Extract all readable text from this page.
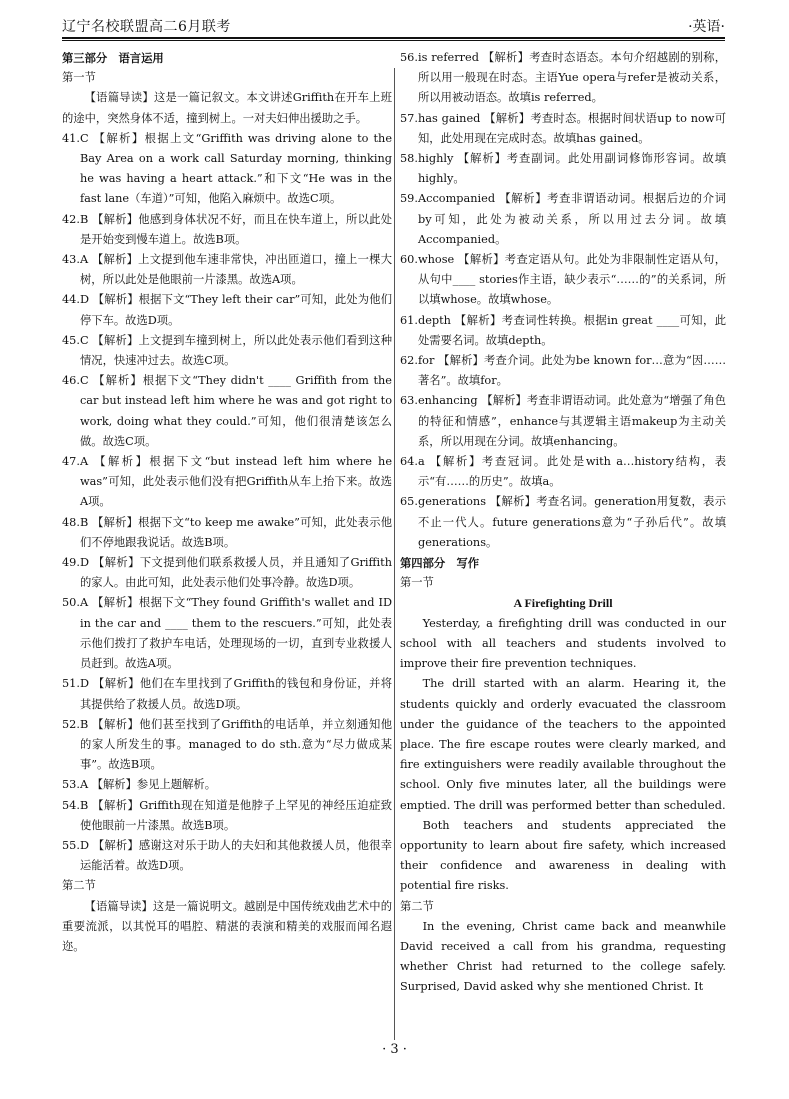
辽宁名校联盟高二6月联考	·英语·

第三部分　语言运用

第一节

【语篇导读】这是一篇记叙文。本文讲述Griffith在开车上班的途中，突然身体不适，撞到树上。一对夫妇伸出援助之手。

41. C 【解析】根据上文“Griffith was driving alone to the Bay Area on a work call Saturday morning, thinking he was having a heart attack.”和下文“He was in the fast lane（车道）”可知，他陷入麻烦中。故选C项。
42. B 【解析】他感到身体状况不好，而且在快车道上，所以此处是开始变到慢车道上。故选B项。
43. A 【解析】上文提到他车速非常快，冲出匝道口，撞上一棵大树，所以此处是他眼前一片漆黑。故选A项。
44. D 【解析】根据下文“They left their car”可知，此处为他们停下车。故选D项。
45. C 【解析】上文提到车撞到树上，所以此处表示他们看到这种情况，快速冲过去。故选C项。
46. C 【解析】根据下文“They didn't ____ Griffith from the car but instead left him where he was and got right to work, doing what they could.”可知，他们很清楚该怎么做。故选C项。
47. A 【解析】根据下文“but instead left him where he was”可知，此处表示他们没有把Griffith从车上抬下来。故选A项。
48. B 【解析】根据下文“to keep me awake”可知，此处表示他们不停地跟我说话。故选B项。
49. D 【解析】下文提到他们联系救援人员，并且通知了Griffith的家人。由此可知，此处表示他们处事冷静。故选D项。
50. A 【解析】根据下文“They found Griffith's wallet and ID in the car and ____ them to the rescuers.”可知，此处表示他们拨打了救护车电话，处理现场的一切，直到专业救援人员赶到。故选A项。
51. D 【解析】他们在车里找到了Griffith的钱包和身份证，并将其提供给了救援人员。故选D项。
52. B 【解析】他们甚至找到了Griffith的电话单，并立刻通知他的家人所发生的事。managed to do sth.意为“尽力做成某事”。故选B项。
53. A 【解析】参见上题解析。
54. B 【解析】Griffith现在知道是他脖子上罕见的神经压迫症致使他眼前一片漆黑。故选B项。
55. D 【解析】感谢这对乐于助人的夫妇和其他救援人员，他很幸运能活着。故选D项。

第二节

【语篇导读】这是一篇说明文。越剧是中国传统戏曲艺术中的重要流派，以其悦耳的唱腔、精湛的表演和精美的戏服而闻名遐迩。

56. is referred 【解析】考查时态语态。本句介绍越剧的别称，所以用一般现在时态。主语Yue opera与refer是被动关系，所以用被动语态。故填is referred。
57. has gained 【解析】考查时态。根据时间状语up to now可知，此处用现在完成时态。故填has gained。
58. highly 【解析】考查副词。此处用副词修饰形容词。故填highly。
59. Accompanied 【解析】考查非谓语动词。根据后边的介词by可知，此处为被动关系，所以用过去分词。故填Accompanied。
60. whose 【解析】考查定语从句。此处为非限制性定语从句，从句中____ stories作主语，缺少表示“……的”的关系词，所以填whose。故填whose。
61. depth 【解析】考查词性转换。根据in great ____可知，此处需要名词。故填depth。
62. for 【解析】考查介词。此处为be known for…意为“因……著名”。故填for。
63. enhancing 【解析】考查非谓语动词。此处意为“增强了角色的特征和情感”，enhance与其逻辑主语makeup为主动关系，所以用现在分词。故填enhancing。
64. a 【解析】考查冠词。此处是with a…history结构，表示“有……的历史”。故填a。
65. generations 【解析】考查名词。generation用复数，表示不止一代人。future generations意为“子孙后代”。故填generations。

第四部分　写作

第一节

A Firefighting Drill

Yesterday, a firefighting drill was conducted in our school with all teachers and students involved to improve their fire prevention techniques.

The drill started with an alarm. Hearing it, the students quickly and orderly evacuated the classroom under the guidance of the teachers to the appointed place. The fire escape routes were clearly marked, and fire extinguishers were readily available throughout the school. Only five minutes later, all the buildings were emptied. The drill was performed better than scheduled.

Both teachers and students appreciated the opportunity to learn about fire safety, which increased their confidence and awareness in dealing with potential fire risks.

第二节

In the evening, Christ came back and meanwhile David received a call from his grandma, requesting whether Christ had returned to the college safely. Surprised, David asked why she mentioned Christ. It

· 3 ·
